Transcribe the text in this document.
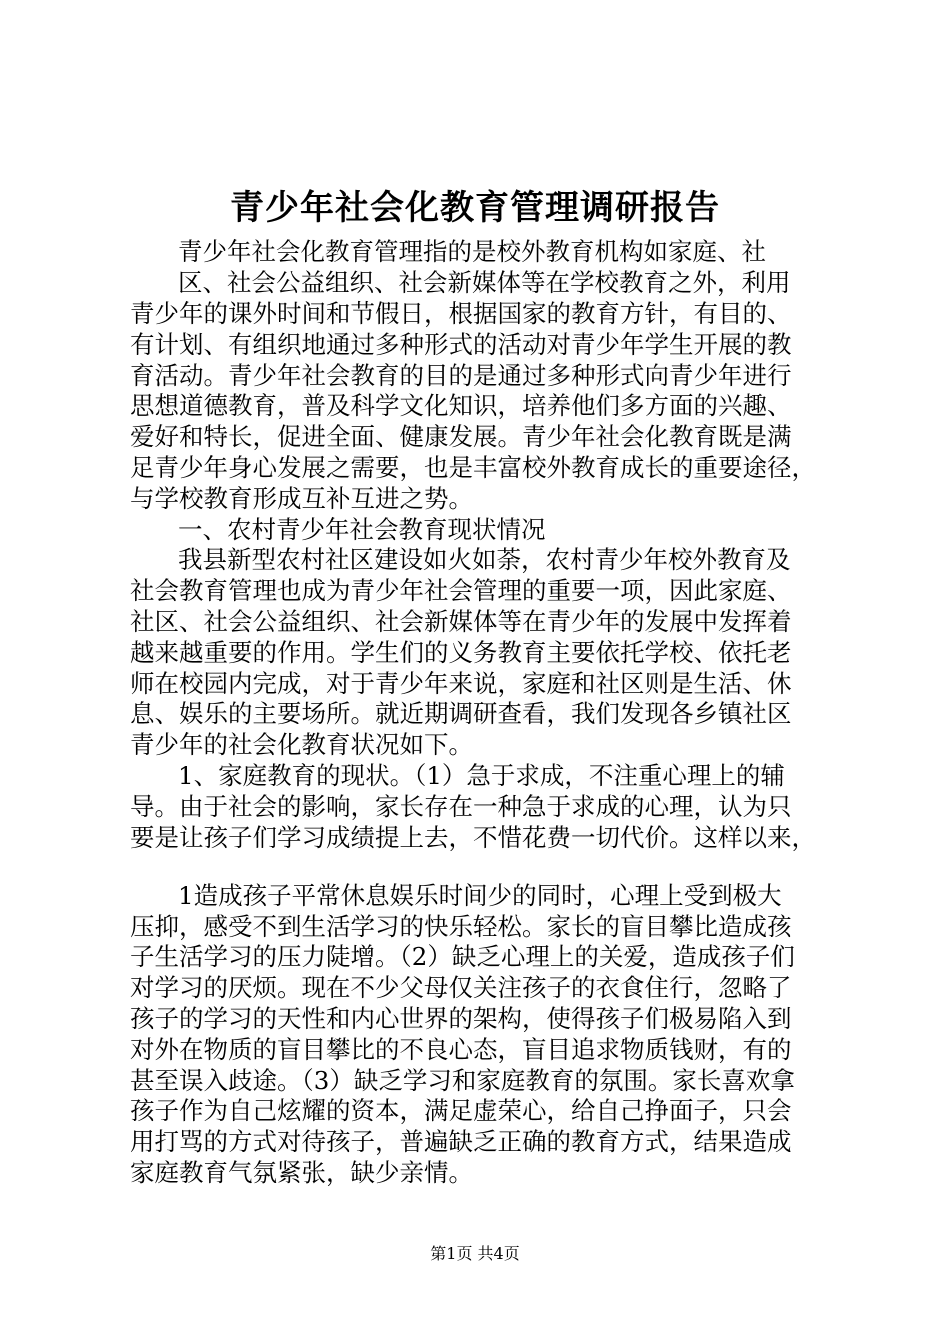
青少年社会化教育管理调研报告
青少年社会化教育管理指的是校外教育机构如家庭、社
区、社会公益组织、社会新媒体等在学校教育之外，利用
青少年的课外时间和节假日，根据国家的教育方针，有目的、
有计划、有组织地通过多种形式的活动对青少年学生开展的教
育活动。青少年社会教育的目的是通过多种形式向青少年进行
思想道德教育，普及科学文化知识，培养他们多方面的兴趣、
爱好和特长，促进全面、健康发展。青少年社会化教育既是满
足青少年身心发展之需要，也是丰富校外教育成长的重要途径，
与学校教育形成互补互进之势。
一、农村青少年社会教育现状情况
我县新型农村社区建设如火如荼，农村青少年校外教育及
社会教育管理也成为青少年社会管理的重要一项，因此家庭、
社区、社会公益组织、社会新媒体等在青少年的发展中发挥着
越来越重要的作用。学生们的义务教育主要依托学校、依托老
师在校园内完成，对于青少年来说，家庭和社区则是生活、休
息、娱乐的主要场所。就近期调研查看，我们发现各乡镇社区
青少年的社会化教育状况如下。
1、家庭教育的现状。（1）急于求成，不注重心理上的辅
导。由于社会的影响，家长存在一种急于求成的心理，认为只
要是让孩子们学习成绩提上去，不惜花费一切代价。这样以来，
1造成孩子平常休息娱乐时间少的同时，心理上受到极大
压抑，感受不到生活学习的快乐轻松。家长的盲目攀比造成孩
子生活学习的压力陡增。（2）缺乏心理上的关爱，造成孩子们
对学习的厌烦。现在不少父母仅关注孩子的衣食住行，忽略了
孩子的学习的天性和内心世界的架构，使得孩子们极易陷入到
对外在物质的盲目攀比的不良心态，盲目追求物质钱财，有的
甚至误入歧途。（3）缺乏学习和家庭教育的氛围。家长喜欢拿
孩子作为自己炫耀的资本，满足虚荣心，给自己挣面子，只会
用打骂的方式对待孩子，普遍缺乏正确的教育方式，结果造成
家庭教育气氛紧张，缺少亲情。
第1页 共4页
